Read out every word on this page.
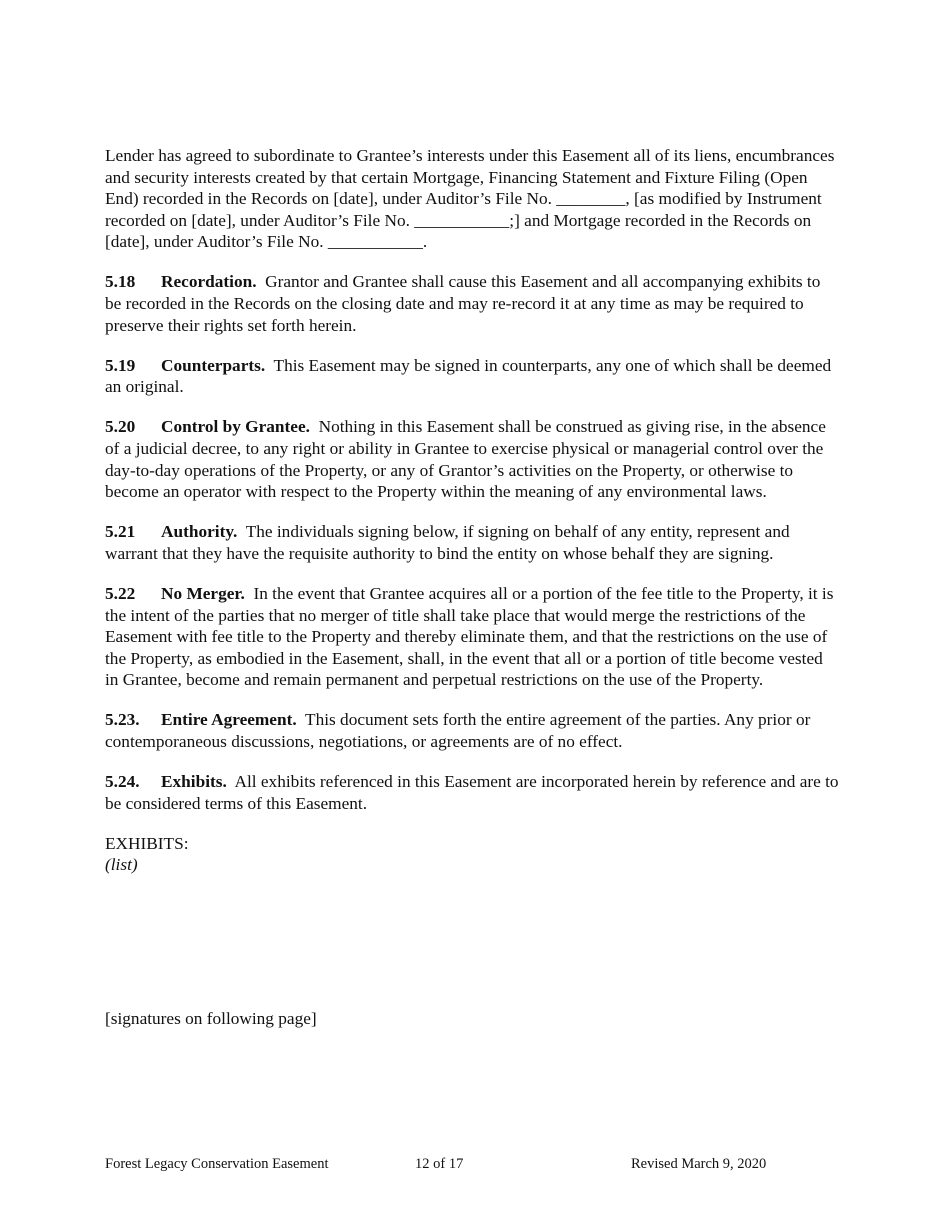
Lender has agreed to subordinate to Grantee’s interests under this Easement all of its liens, encumbrances and security interests created by that certain Mortgage, Financing Statement and Fixture Filing (Open End) recorded in the Records on [date], under Auditor’s File No. ________, [as modified by Instrument recorded on [date], under Auditor’s File No. ___________;] and Mortgage recorded in the Records on [date], under Auditor’s File No. ___________.

5.18 Recordation. Grantor and Grantee shall cause this Easement and all accompanying exhibits to be recorded in the Records on the closing date and may re-record it at any time as may be required to preserve their rights set forth herein.

5.19 Counterparts. This Easement may be signed in counterparts, any one of which shall be deemed an original.

5.20 Control by Grantee. Nothing in this Easement shall be construed as giving rise, in the absence of a judicial decree, to any right or ability in Grantee to exercise physical or managerial control over the day-to-day operations of the Property, or any of Grantor’s activities on the Property, or otherwise to become an operator with respect to the Property within the meaning of any environmental laws.

5.21 Authority. The individuals signing below, if signing on behalf of any entity, represent and warrant that they have the requisite authority to bind the entity on whose behalf they are signing.

5.22 No Merger. In the event that Grantee acquires all or a portion of the fee title to the Property, it is the intent of the parties that no merger of title shall take place that would merge the restrictions of the Easement with fee title to the Property and thereby eliminate them, and that the restrictions on the use of the Property, as embodied in the Easement, shall, in the event that all or a portion of title become vested in Grantee, become and remain permanent and perpetual restrictions on the use of the Property.

5.23. Entire Agreement. This document sets forth the entire agreement of the parties. Any prior or contemporaneous discussions, negotiations, or agreements are of no effect.

5.24. Exhibits. All exhibits referenced in this Easement are incorporated herein by reference and are to be considered terms of this Easement.

EXHIBITS:

(list)

[signatures on following page]
Forest Legacy Conservation Easement	12 of 17	Revised March 9, 2020
